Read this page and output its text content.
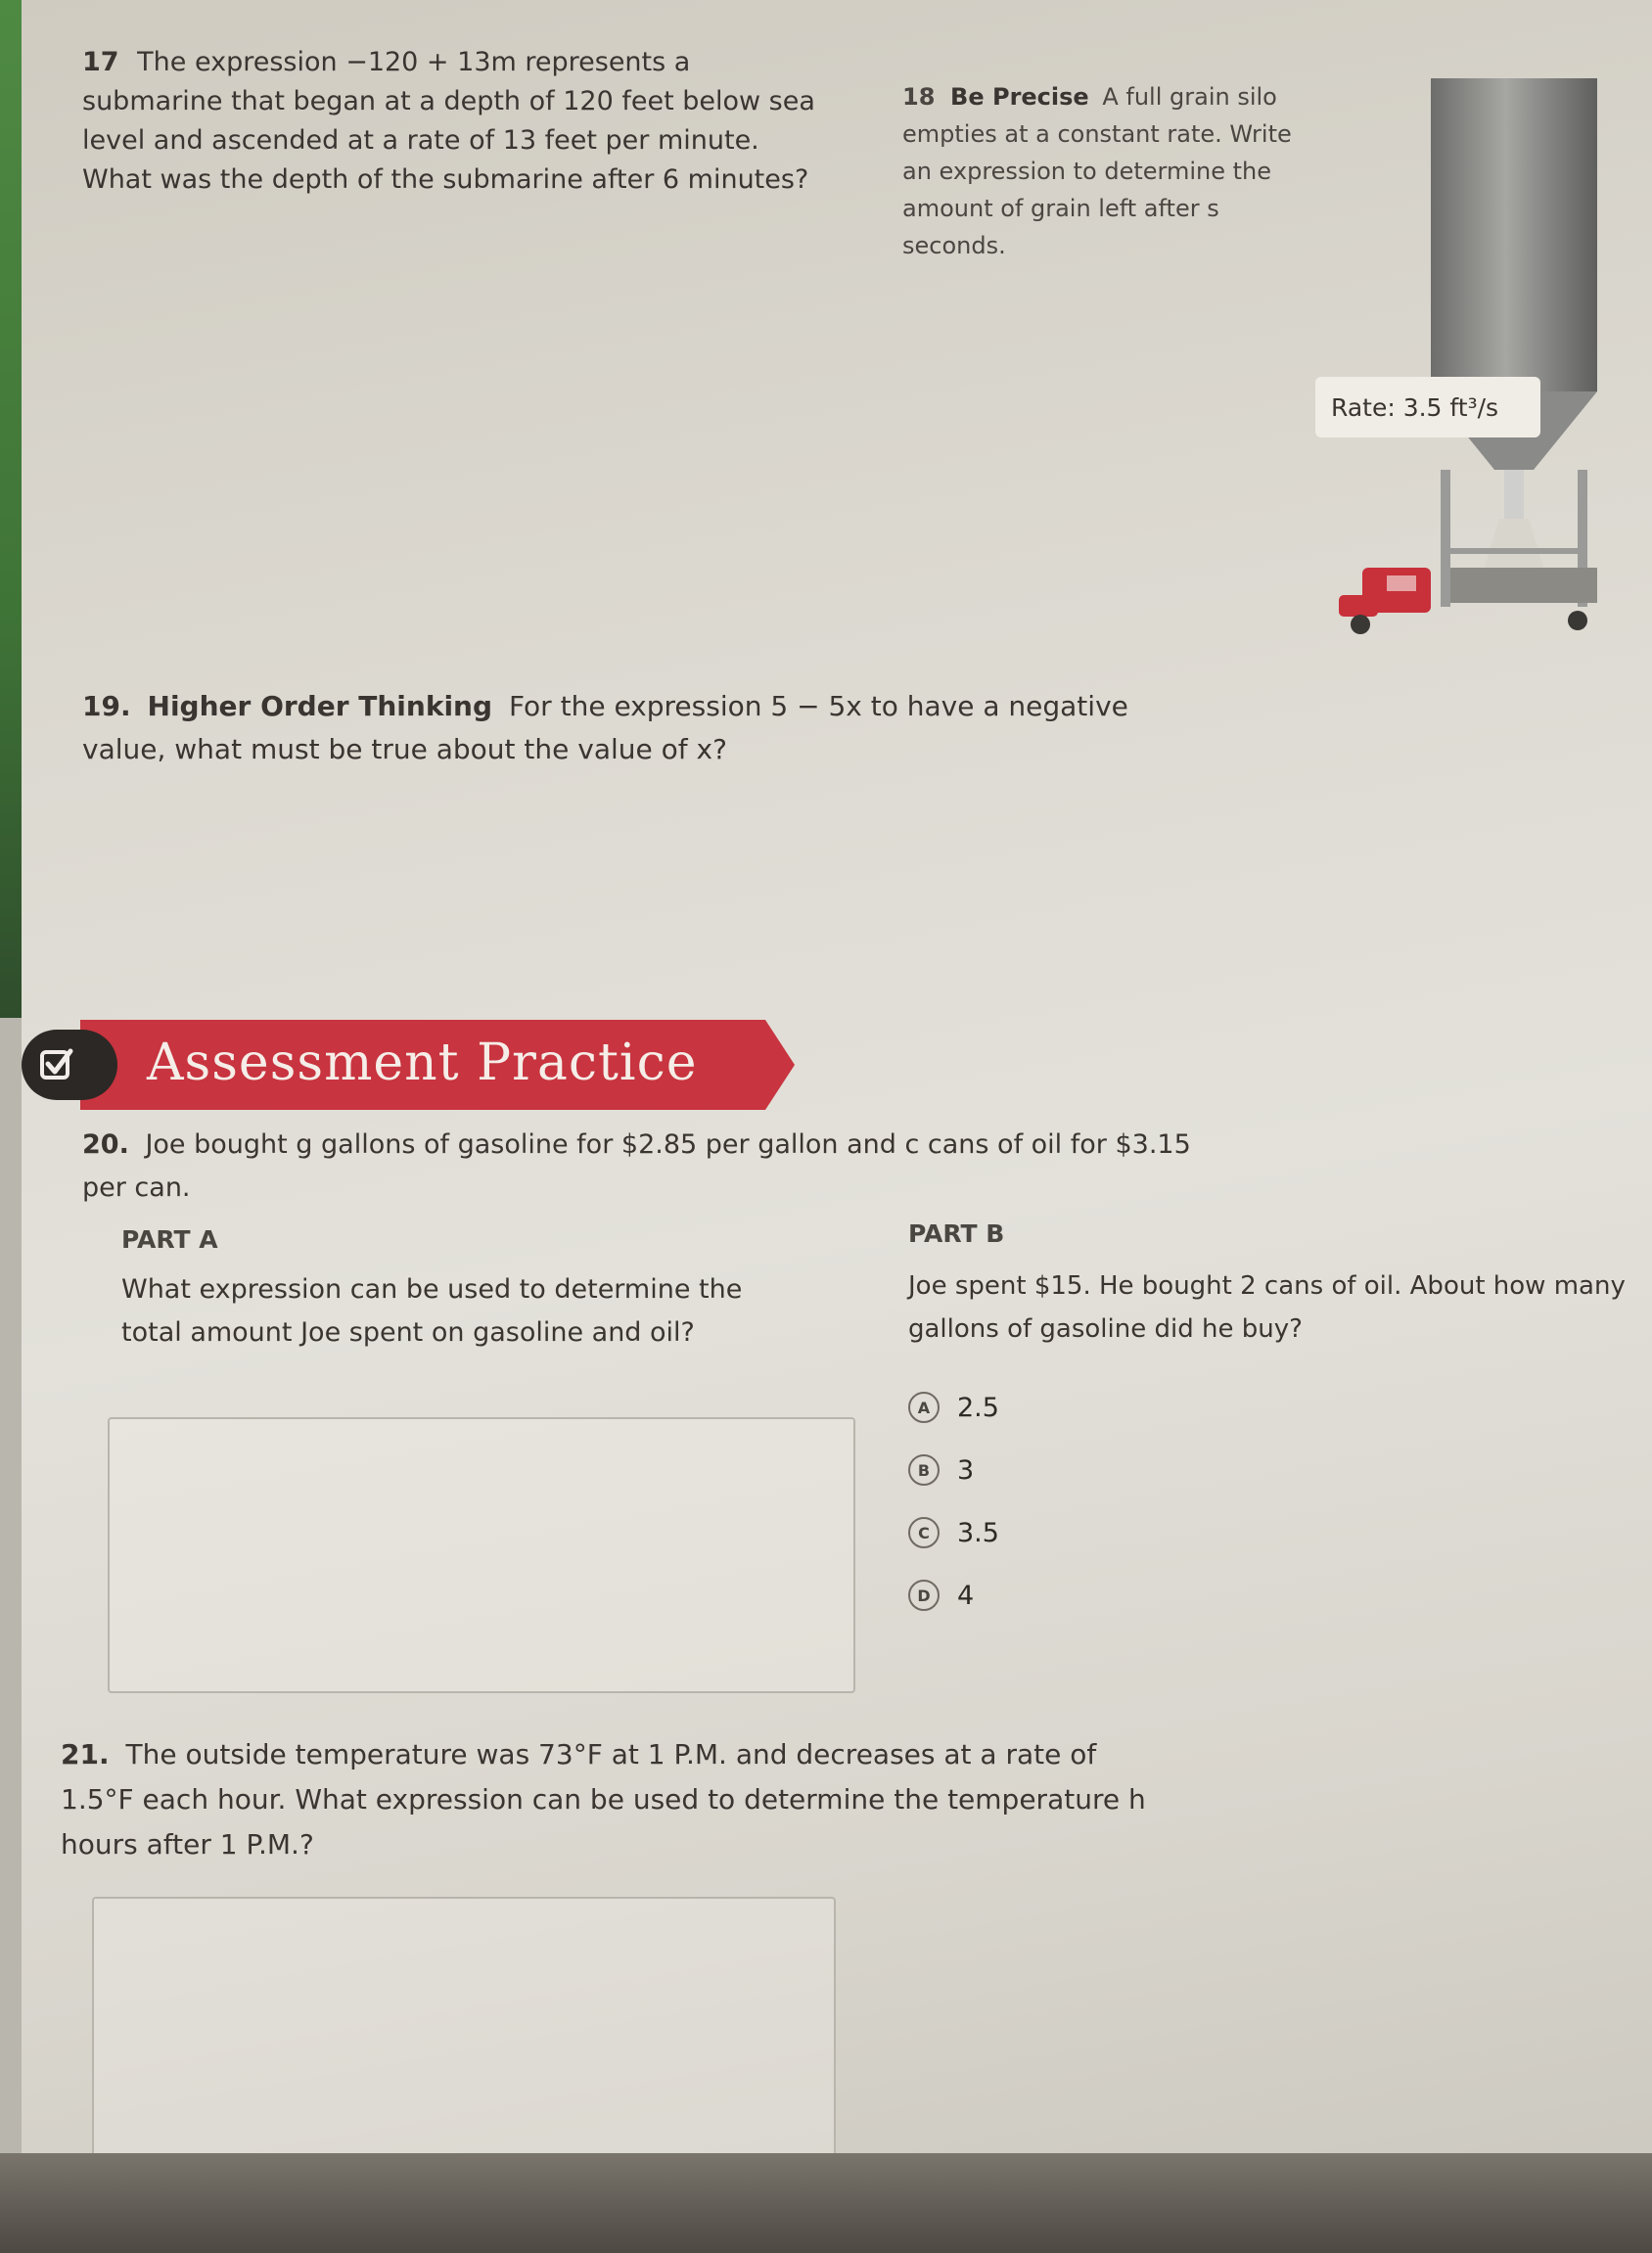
17 The expression −120 + 13m represents a submarine that began at a depth of 120 feet below sea level and ascended at a rate of 13 feet per minute. What was the depth of the submarine after 6 minutes?
18 Be Precise A full grain silo empties at a constant rate. Write an expression to determine the amount of grain left after s seconds.
Rate: 3.5 ft³/s
19. Higher Order Thinking For the expression 5 − 5x to have a negative value, what must be true about the value of x?
Assessment Practice
20. Joe bought g gallons of gasoline for $2.85 per gallon and c cans of oil for $3.15 per can.
PART A
What expression can be used to determine the total amount Joe spent on gasoline and oil?
PART B
Joe spent $15. He bought 2 cans of oil. About how many gallons of gasoline did he buy?
A	2.5
B	3
C	3.5
D	4
21. The outside temperature was 73°F at 1 P.M. and decreases at a rate of 1.5°F each hour. What expression can be used to determine the temperature h hours after 1 P.M.?
